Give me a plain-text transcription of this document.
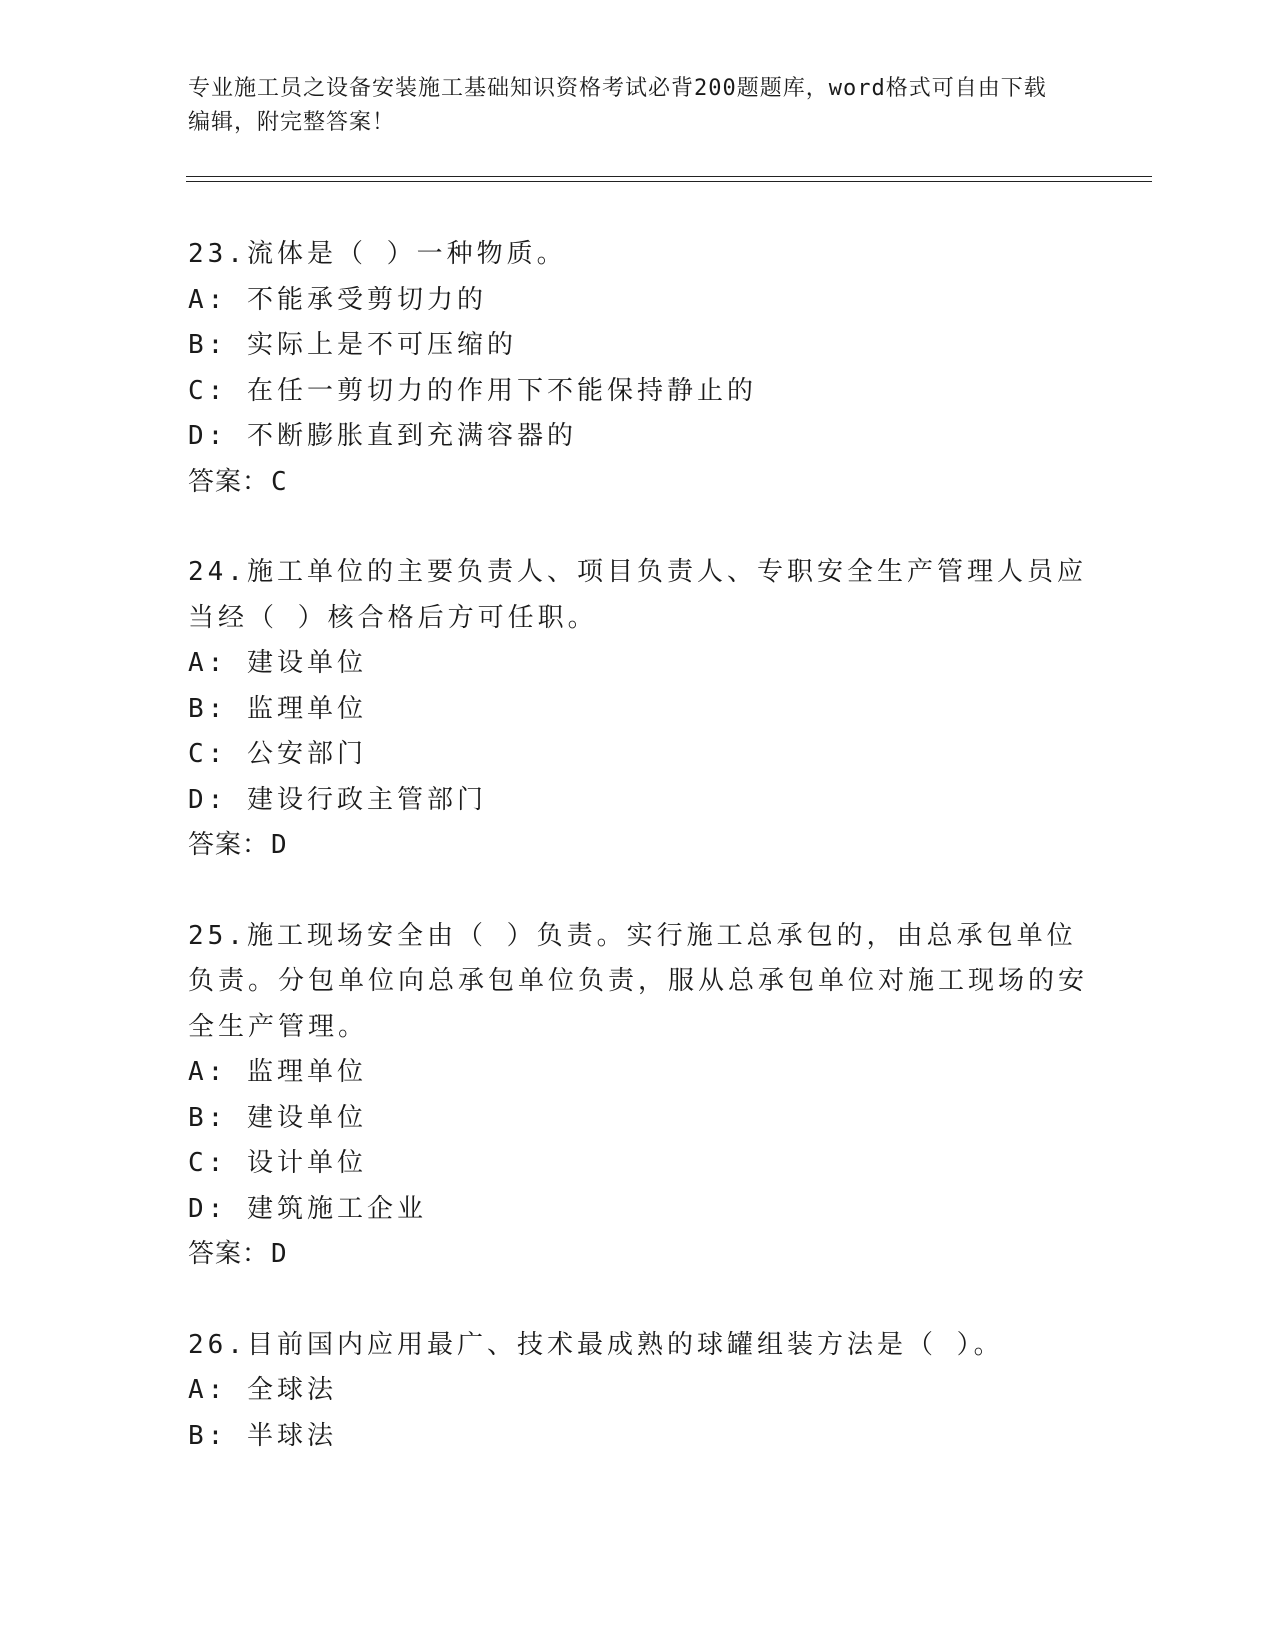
专业施工员之设备安装施工基础知识资格考试必背200题题库，word格式可自由下载编辑，附完整答案！
23.流体是（ ）一种物质。
A: 不能承受剪切力的
B: 实际上是不可压缩的
C: 在任一剪切力的作用下不能保持静止的
D: 不断膨胀直到充满容器的
答案：C
24.施工单位的主要负责人、项目负责人、专职安全生产管理人员应当经（ ）核合格后方可任职。
A: 建设单位
B: 监理单位
C: 公安部门
D: 建设行政主管部门
答案：D
25.施工现场安全由（ ）负责。实行施工总承包的，由总承包单位负责。分包单位向总承包单位负责，服从总承包单位对施工现场的安全生产管理。
A: 监理单位
B: 建设单位
C: 设计单位
D: 建筑施工企业
答案：D
26.目前国内应用最广、技术最成熟的球罐组装方法是（ ）。
A: 全球法
B: 半球法
